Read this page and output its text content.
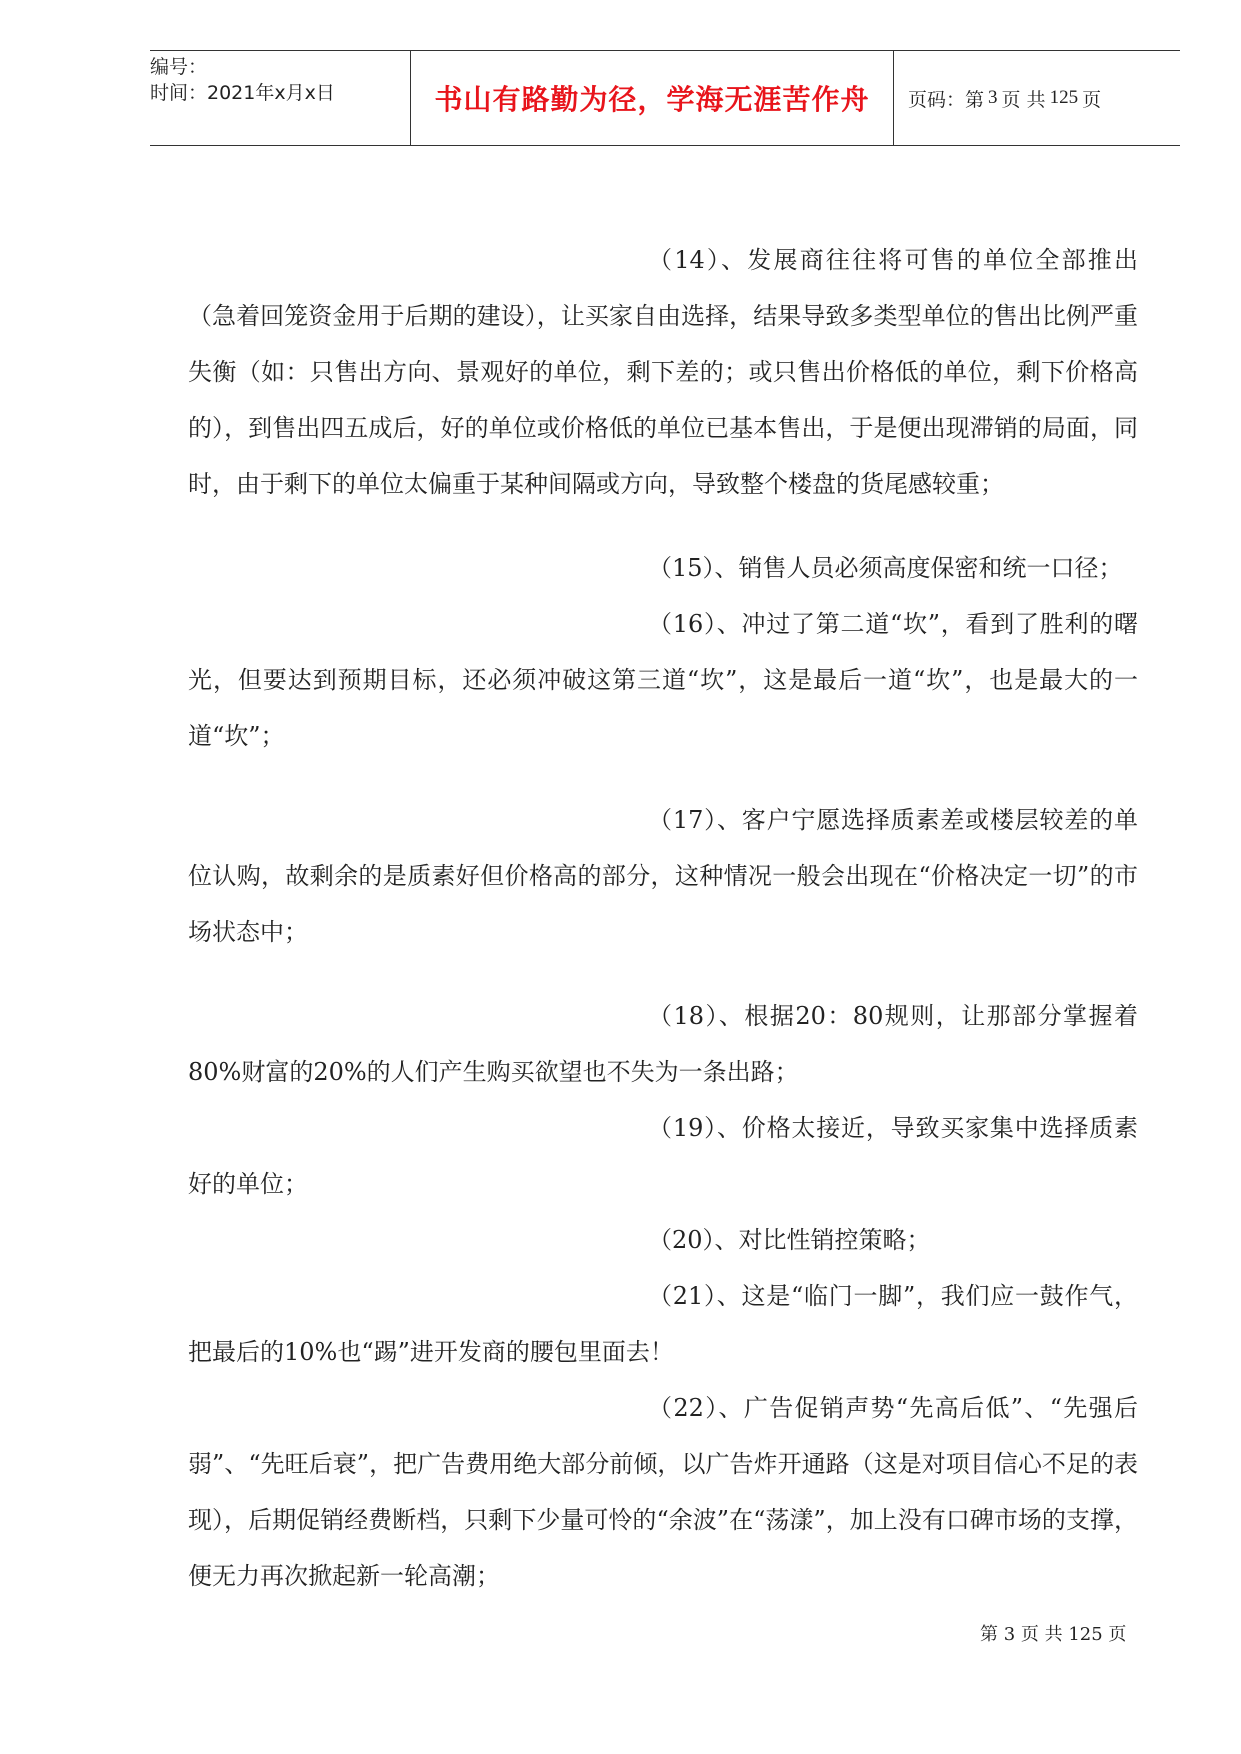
编号：
时间：2021年x月x日	书山有路勤为径，学海无涯苦作舟 页码：第 3 页 共 125 页

（14）、发展商往往将可售的单位全部推出（急着回笼资金用于后期的建设），让买家自由选择，结果导致多类型单位的售出比例严重失衡（如：只售出方向、景观好的单位，剩下差的；或只售出价格低的单位，剩下价格高的），到售出四五成后，好的单位或价格低的单位已基本售出，于是便出现滞销的局面，同时，由于剩下的单位太偏重于某种间隔或方向，导致整个楼盘的货尾感较重；

（15）、销售人员必须高度保密和统一口径；

（16）、冲过了第二道“坎”，看到了胜利的曙光，但要达到预期目标，还必须冲破这第三道“坎”，这是最后一道“坎”，也是最大的一道“坎”；

（17）、客户宁愿选择质素差或楼层较差的单位认购，故剩余的是质素好但价格高的部分，这种情况一般会出现在“价格决定一切”的市场状态中；

（18）、根据20：80规则，让那部分掌握着80%财富的20%的人们产生购买欲望也不失为一条出路；

（19）、价格太接近，导致买家集中选择质素好的单位；

（20）、对比性销控策略；

（21）、这是“临门一脚”，我们应一鼓作气，把最后的10%也“踢”进开发商的腰包里面去！

（22）、广告促销声势“先高后低”、“先强后弱”、“先旺后衰”，把广告费用绝大部分前倾，以广告炸开通路（这是对项目信心不足的表现），后期促销经费断档，只剩下少量可怜的“余波”在“荡漾”，加上没有口碑市场的支撑，便无力再次掀起新一轮高潮；

第 3 页 共 125 页
